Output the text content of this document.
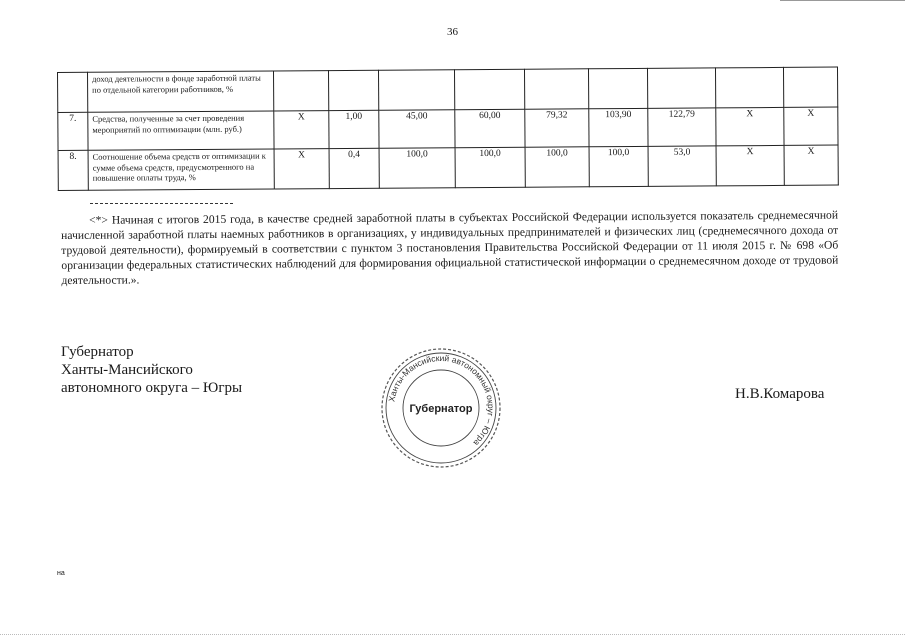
36
	доход деятельности в фонде заработной платы по отдельной категории работников, %									
7.	Средства, полученные за счет проведения мероприятий по оптимизации (млн. руб.)	Х	1,00	45,00	60,00	79,32	103,90	122,79	Х	Х
8.	Соотношение объема средств от оптимизации к сумме объема средств, предусмотренного на повышение оплаты труда, %	Х	0,4	100,0	100,0	100,0	100,0	53,0	Х	Х
<*> Начиная с итогов 2015 года, в качестве средней заработной платы в субъектах Российской Федерации используется показатель среднемесячной начисленной заработной платы наемных работников в организациях, у индивидуальных предпринимателей и физических лиц (среднемесячного дохода от трудовой деятельности), формируемый в соответствии с пунктом 3 постановления Правительства Российской Федерации от 11 июля 2015 г. № 698 «Об организации федеральных статистических наблюдений для формирования официальной статистической информации о среднемесячном доходе от трудовой деятельности.».
Губернатор
Ханты-Мансийского
автономного округа – Югры
Ханты-Мансийский автономный округ – Югра
Губернатор
Н.В.Комарова
на
